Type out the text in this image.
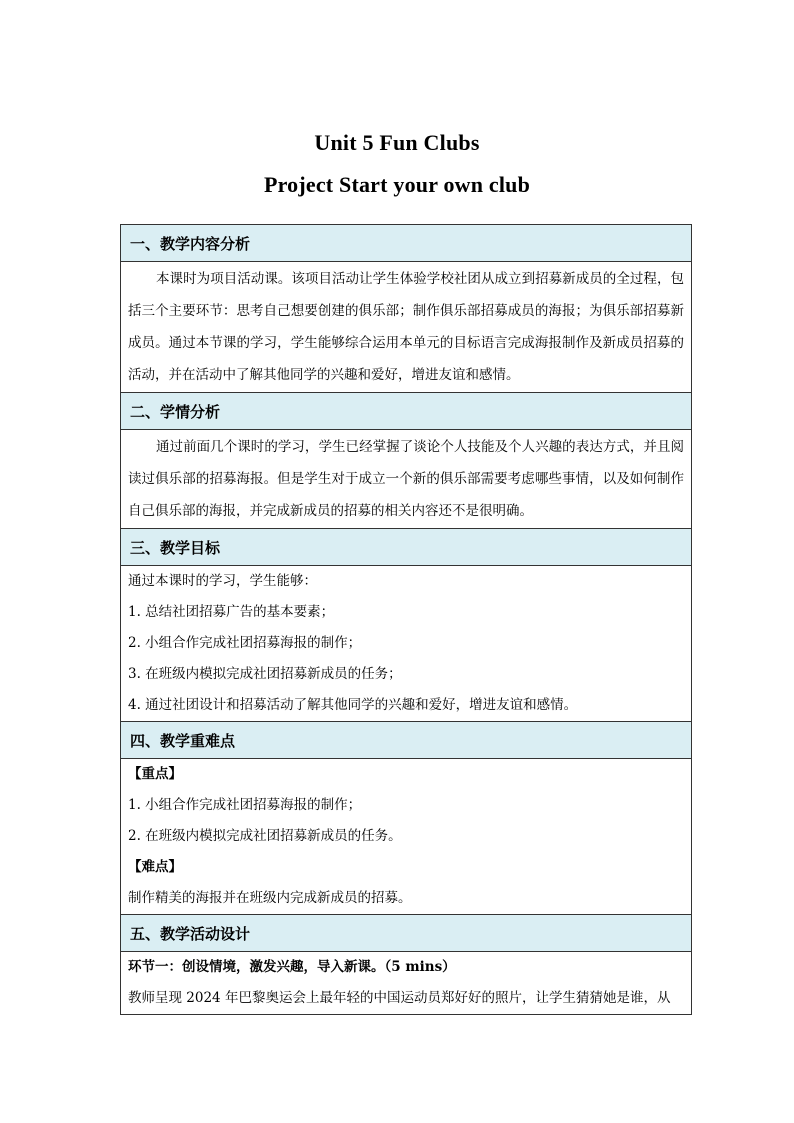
Unit 5 Fun Clubs
Project Start your own club
一、教学内容分析

本课时为项目活动课。该项目活动让学生体验学校社团从成立到招募新成员的全过程，包括三个主要环节：思考自己想要创建的俱乐部；制作俱乐部招募成员的海报；为俱乐部招募新成员。通过本节课的学习，学生能够综合运用本单元的目标语言完成海报制作及新成员招募的活动，并在活动中了解其他同学的兴趣和爱好，增进友谊和感情。

二、学情分析

通过前面几个课时的学习，学生已经掌握了谈论个人技能及个人兴趣的表达方式，并且阅读过俱乐部的招募海报。但是学生对于成立一个新的俱乐部需要考虑哪些事情，以及如何制作自己俱乐部的海报，并完成新成员的招募的相关内容还不是很明确。

三、教学目标

通过本课时的学习，学生能够：

1. 总结社团招募广告的基本要素；

2. 小组合作完成社团招募海报的制作；

3. 在班级内模拟完成社团招募新成员的任务；

4. 通过社团设计和招募活动了解其他同学的兴趣和爱好，增进友谊和感情。

四、教学重难点

【重点】

1. 小组合作完成社团招募海报的制作；

2. 在班级内模拟完成社团招募新成员的任务。

【难点】

制作精美的海报并在班级内完成新成员的招募。

五、教学活动设计

环节一：创设情境，激发兴趣，导入新课。（5 mins）

教师呈现 2024 年巴黎奥运会上最年轻的中国运动员郑好好的照片，让学生猜猜她是谁，从
